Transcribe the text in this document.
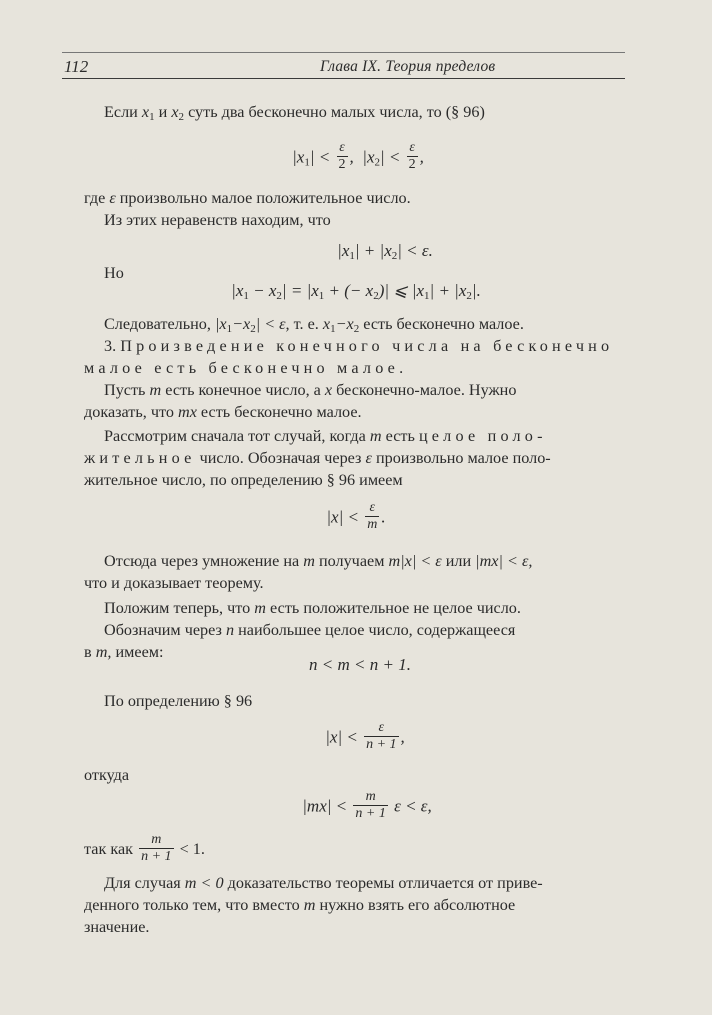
112	Глава IX. Теория пределов
Если $x_1$ и $x_2$ суть два бесконечно малых числа, то (§ 96)
$|x_1| < \frac{\varepsilon}{2}$ ,  $|x_2| < \frac{\varepsilon}{2}$ ,
где ε произвольно малое положительное число.
Из этих неравенств находим, что
$|x_1| + |x_2| < \varepsilon$.
Но
$|x_1 - x_2| = |x_1$ + (− $x_2)|$ ⩽ $|x_1| + |x_2|$.
Следовательно, $|x_1-x_2| < \varepsilon$, т. е. $x_1-x_2$ есть бесконечно малое.
3. Произведение конечного числа на бесконечно
малое есть бесконечно малое.
Пусть m есть конечное число, а x бесконечно-малое. Нужно
доказать, что mx есть бесконечно малое.
Рассмотрим сначала тот случай, когда m есть целое поло-
жительное число. Обозначая через ε произвольно малое поло-
жительное число, по определению § 96 имеем
$|x| < \frac{\varepsilon}{m}$ .
Отсюда через умножение на m получаем m|x| < ε или |mx| < ε,
что и доказывает теорему.
Положим теперь, что m есть положительное не целое число.
Обозначим через n наибольшее целое число, содержащееся
в m, имеем:
n < m < n + 1.
По определению § 96
$|x| < \frac{\varepsilon}{n + 1}$ ,
откуда
$|mx| < \frac{m}{n + 1}$ ε < ε,
так как $\frac{m}{n + 1} < 1$.
Для случая m < 0 доказательство теоремы отличается от приве-
денного только тем, что вместо m нужно взять его абсолютное
значение.
